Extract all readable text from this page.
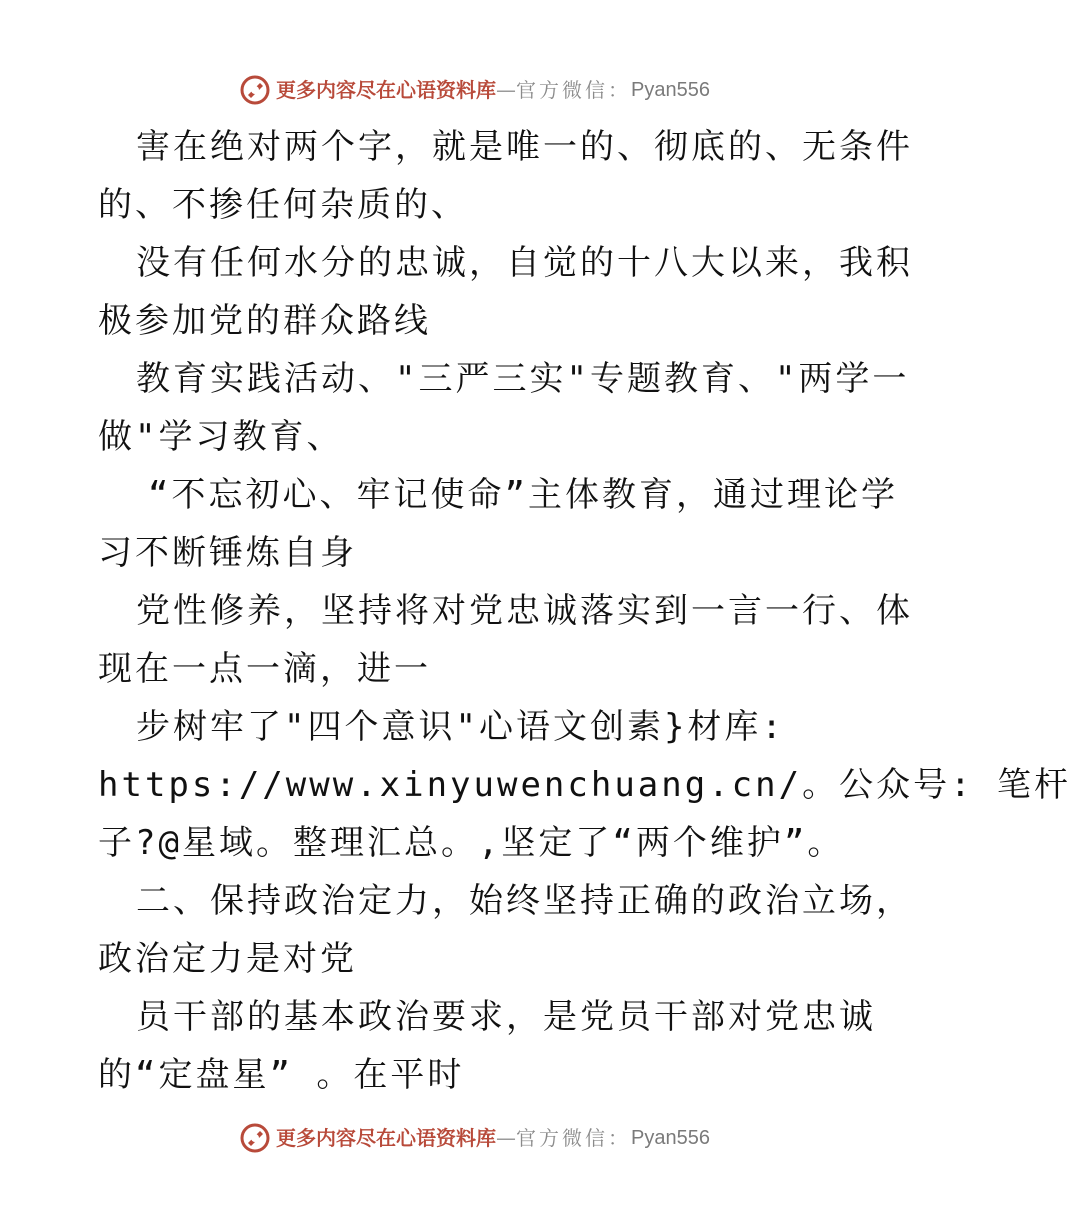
更多内容尽在心语资料库 — 官方微信： Pyan556
害在绝对两个字，就是唯一的、彻底的、无条件
的、不掺任何杂质的、
没有任何水分的忠诚，自觉的十八大以来，我积
极参加党的群众路线
教育实践活动、"三严三实"专题教育、"两学一
做"学习教育、
“不忘初心、牢记使命”主体教育，通过理论学
习不断锤炼自身
党性修养，坚持将对党忠诚落实到一言一行、体
现在一点一滴，进一
步树牢了"四个意识"心语文创素}材库:
https://www.xinyuwenchuang.cn/。公众号: 笔杆
子?@星域。整理汇总。,坚定了“两个维护”。
二、保持政治定力，始终坚持正确的政治立场，
政治定力是对党
员干部的基本政治要求，是党员干部对党忠诚
的“定盘星” 。在平时
更多内容尽在心语资料库 — 官方微信： Pyan556
